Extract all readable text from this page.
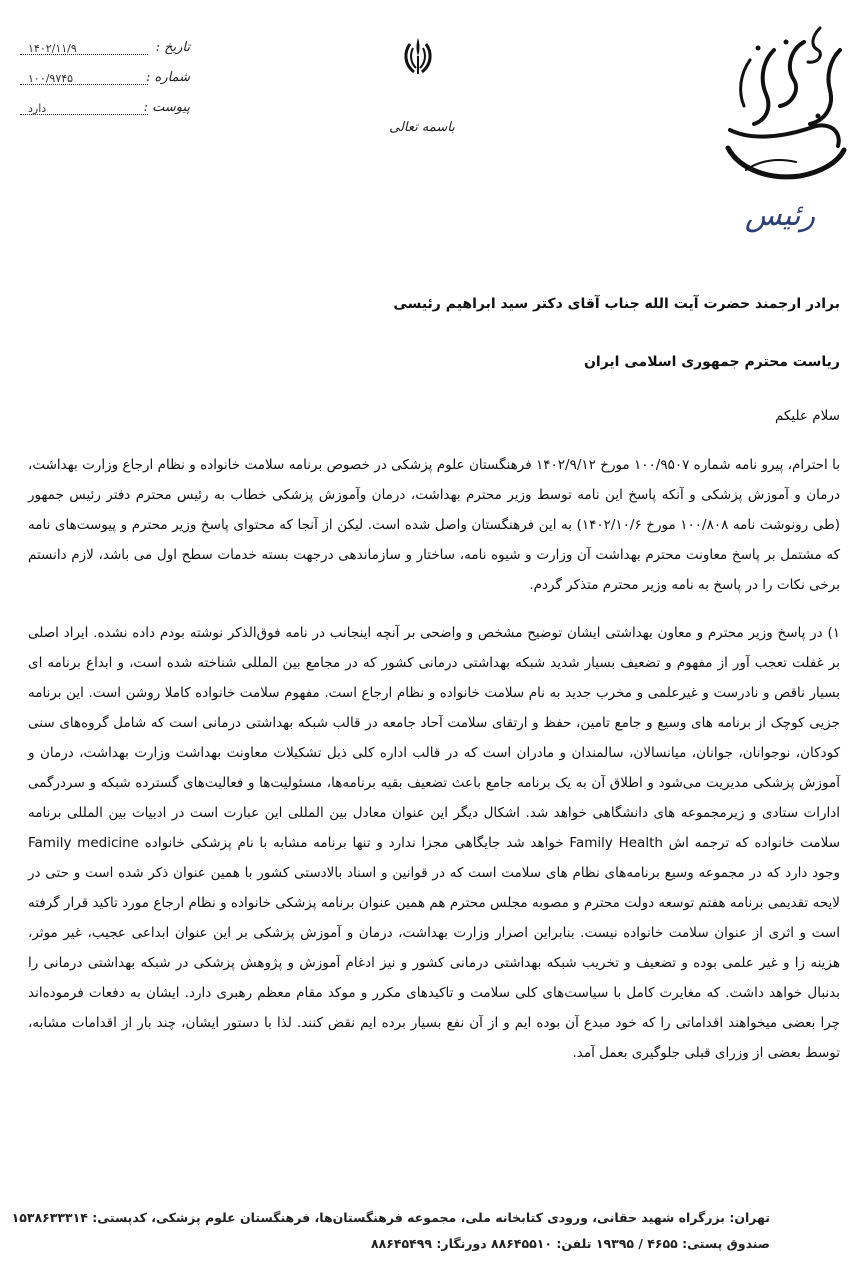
تاریخ :
۱۴۰۲/۱۱/۹
شماره :
۱۰۰/۹۷۴۵
پیوست :
دارد
باسمه تعالی
رئیس

برادر ارجمند حضرت آیت الله جناب آقای دکتر سید ابراهیم رئیسی

ریاست محترم جمهوری اسلامی ایران

سلام علیکم

با احترام، پیرو نامه شماره ۱۰۰/۹۵۰۷ مورخ ۱۴۰۲/۹/۱۲ فرهنگستان علوم پزشکی در خصوص برنامه سلامت خانواده و نظام ارجاع وزارت بهداشت، درمان و آموزش پزشکی و آنکه پاسخ این نامه توسط وزیر محترم بهداشت، درمان وآموزش پزشکی خطاب به رئیس محترم دفتر رئیس جمهور (طی رونوشت نامه ۱۰۰/۸۰۸ مورخ ۱۴۰۲/۱۰/۶) به این فرهنگستان واصل شده است. لیکن از آنجا که محتوای پاسخ وزیر محترم و پیوست‌های نامه که مشتمل بر پاسخ معاونت محترم بهداشت آن وزارت و شیوه نامه، ساختار و سازماندهی درجهت بسته خدمات سطح اول می باشد، لازم دانستم برخی نکات را در پاسخ به نامه وزیر محترم متذکر گردم.

۱) در پاسخ وزیر محترم و معاون بهداشتی ایشان توضیح مشخص و واضحی بر آنچه اینجانب در نامه فوق‌الذکر نوشته بودم داده نشده. ایراد اصلی بر غفلت تعجب آور از مفهوم و تضعیف بسیار شدید شبکه بهداشتی درمانی کشور که در مجامع بین المللی شناخته شده است، و ابداع برنامه ای بسیار ناقص و نادرست و غیرعلمی و مخرب جدید به نام سلامت خانواده و نظام ارجاع است. مفهوم سلامت خانواده کاملا روشن است. این برنامه جزیی کوچک از برنامه های وسیع و جامع تامین، حفظ و ارتقای سلامت آحاد جامعه در قالب شبکه بهداشتی درمانی است که شامل گروه‌های سنی کودکان، نوجوانان، جوانان، میانسالان، سالمندان و مادران است که در قالب اداره کلی ذیل تشکیلات معاونت بهداشت وزارت بهداشت، درمان و آموزش پزشکی مدیریت می‌شود و اطلاق آن به یک برنامه جامع باعث تضعیف بقیه برنامه‌ها، مسئولیت‌ها و فعالیت‌های گسترده شبکه و سردرگمی ادارات ستادی و زیرمجموعه های دانشگاهی خواهد شد. اشکال دیگر این عنوان معادل بین المللی این عبارت است در ادبیات بین المللی برنامه سلامت خانواده که ترجمه اش Family Health خواهد شد جایگاهی مجزا ندارد و تنها برنامه مشابه با نام پزشکی خانواده Family medicine وجود دارد که در مجموعه وسیع برنامه‌های نظام های سلامت است که در قوانین و اسناد بالادستی کشور با همین عنوان ذکر شده است و حتی در لایحه تقدیمی برنامه هفتم توسعه دولت محترم و مصوبه مجلس محترم هم همین عنوان برنامه پزشکی خانواده و نظام ارجاع مورد تاکید قرار گرفته است و اثری از عنوان سلامت خانواده نیست. بنابراین اصرار وزارت بهداشت، درمان و آموزش پزشکی بر این عنوان ابداعی عجیب، غیر موثر، هزینه زا و غیر علمی بوده و تضعیف و تخریب شبکه بهداشتی درمانی کشور و نیز ادغام آموزش و پژوهش پزشکی در شبکه بهداشتی درمانی را بدنبال خواهد داشت. که مغایرت کامل با سیاست‌های کلی سلامت و تاکیدهای مکرر و موکد مقام معظم رهبری دارد. ایشان به دفعات فرموده‌اند چرا بعضی میخواهند اقداماتی را که خود مبدع آن بوده ایم و از آن نفع بسیار برده ایم نقض کنند. لذا با دستور ایشان، چند بار از اقدامات مشابه، توسط بعضی از وزرای قبلی جلوگیری بعمل آمد.

تهران: بزرگراه شهید حقانی، ورودی کتابخانه ملی، مجموعه فرهنگستان‌ها، فرهنگستان علوم پزشکی، کدپستی: ۱۵۳۸۶۳۳۳۱۴
صندوق پستی: ۴۶۵۵ / ۱۹۳۹۵ تلفن: ۸۸۶۴۵۵۱۰ دورنگار: ۸۸۶۴۵۴۹۹
